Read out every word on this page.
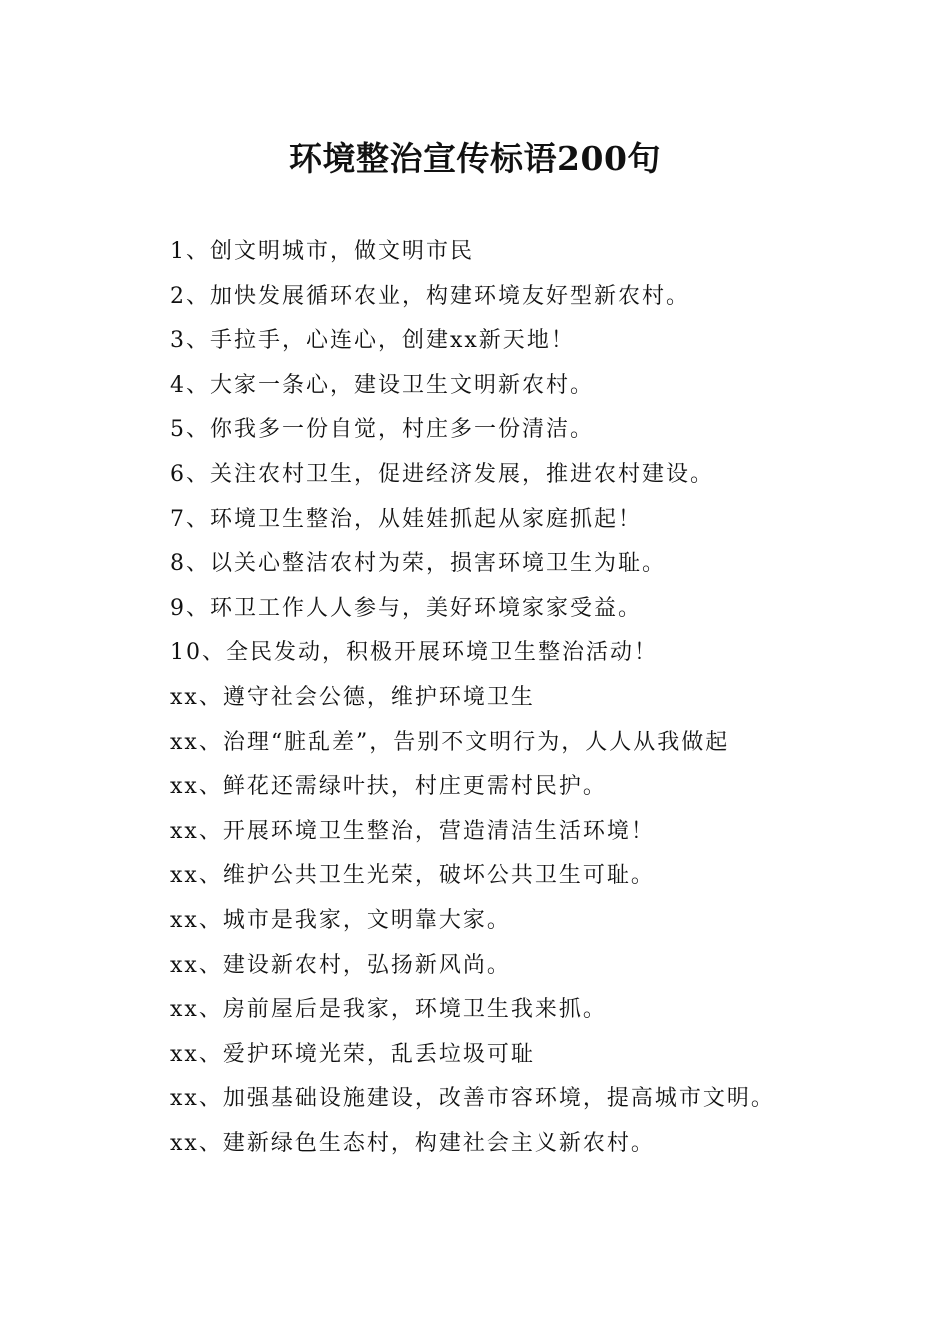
环境整治宣传标语200句
1、创文明城市，做文明市民
2、加快发展循环农业，构建环境友好型新农村。
3、手拉手，心连心，创建xx新天地！
4、大家一条心，建设卫生文明新农村。
5、你我多一份自觉，村庄多一份清洁。
6、关注农村卫生，促进经济发展，推进农村建设。
7、环境卫生整治，从娃娃抓起从家庭抓起！
8、以关心整洁农村为荣，损害环境卫生为耻。
9、环卫工作人人参与，美好环境家家受益。
10、全民发动，积极开展环境卫生整治活动！
xx、遵守社会公德，维护环境卫生
xx、治理“脏乱差”，告别不文明行为，人人从我做起
xx、鲜花还需绿叶扶，村庄更需村民护。
xx、开展环境卫生整治，营造清洁生活环境！
xx、维护公共卫生光荣，破坏公共卫生可耻。
xx、城市是我家，文明靠大家。
xx、建设新农村，弘扬新风尚。
xx、房前屋后是我家，环境卫生我来抓。
xx、爱护环境光荣，乱丢垃圾可耻
xx、加强基础设施建设，改善市容环境，提高城市文明。
xx、建新绿色生态村，构建社会主义新农村。
